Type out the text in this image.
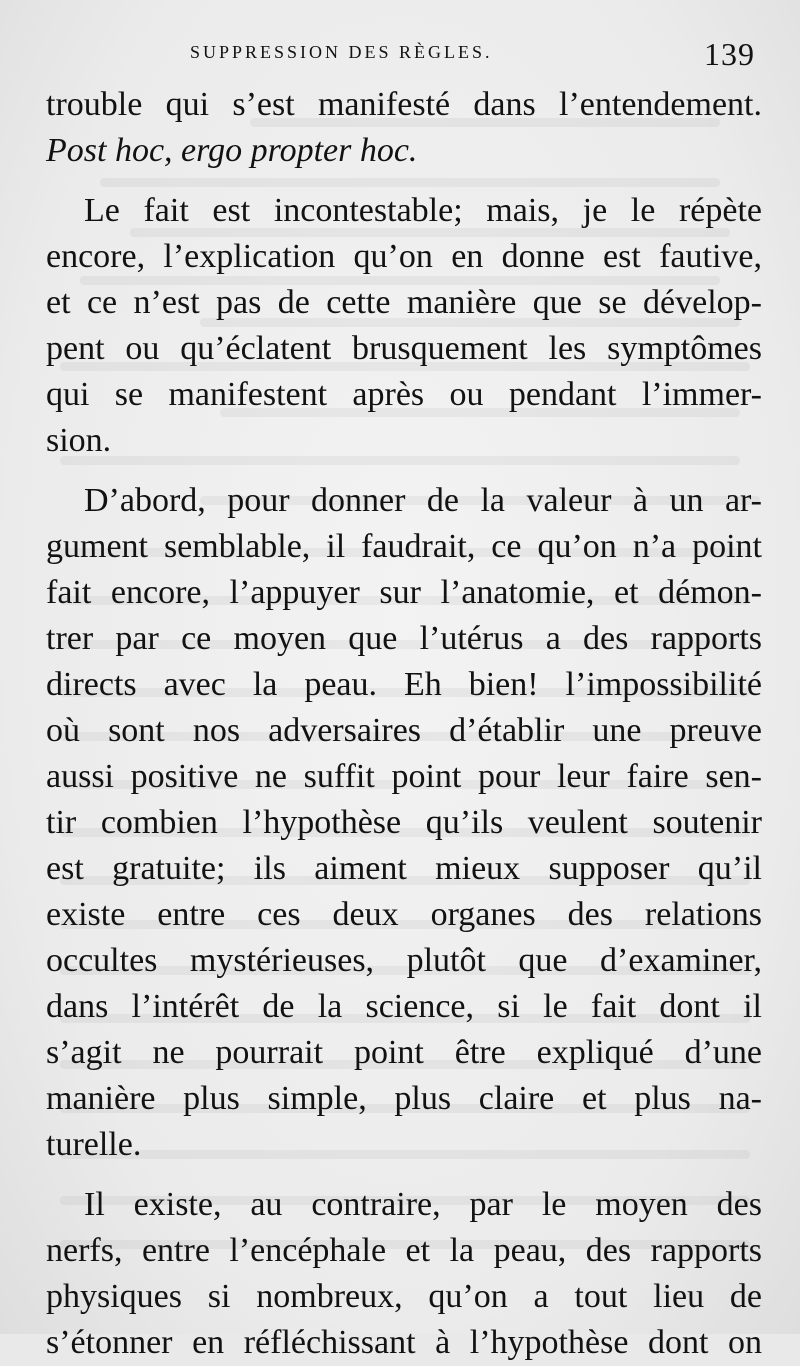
SUPPRESSION DES RÈGLES.	139
trouble qui s’est manifesté dans l’entendement.
Post hoc, ergo propter hoc.
Le fait est incontestable; mais, je le répète
encore, l’explication qu’on en donne est fautive,
et ce n’est pas de cette manière que se dévelop-
pent ou qu’éclatent brusquement les symptômes
qui se manifestent après ou pendant l’immer-
sion.
D’abord, pour donner de la valeur à un ar-
gument semblable, il faudrait, ce qu’on n’a point
fait encore, l’appuyer sur l’anatomie, et démon-
trer par ce moyen que l’utérus a des rapports
directs avec la peau. Eh bien! l’impossibilité
où sont nos adversaires d’établir une preuve
aussi positive ne suffit point pour leur faire sen-
tir combien l’hypothèse qu’ils veulent soutenir
est gratuite; ils aiment mieux supposer qu’il
existe entre ces deux organes des relations
occultes mystérieuses, plutôt que d’examiner,
dans l’intérêt de la science, si le fait dont il
s’agit ne pourrait point être expliqué d’une
manière plus simple, plus claire et plus na-
turelle.
Il existe, au contraire, par le moyen des
nerfs, entre l’encéphale et la peau, des rapports
physiques si nombreux, qu’on a tout lieu de
s’étonner en réfléchissant à l’hypothèse dont on
